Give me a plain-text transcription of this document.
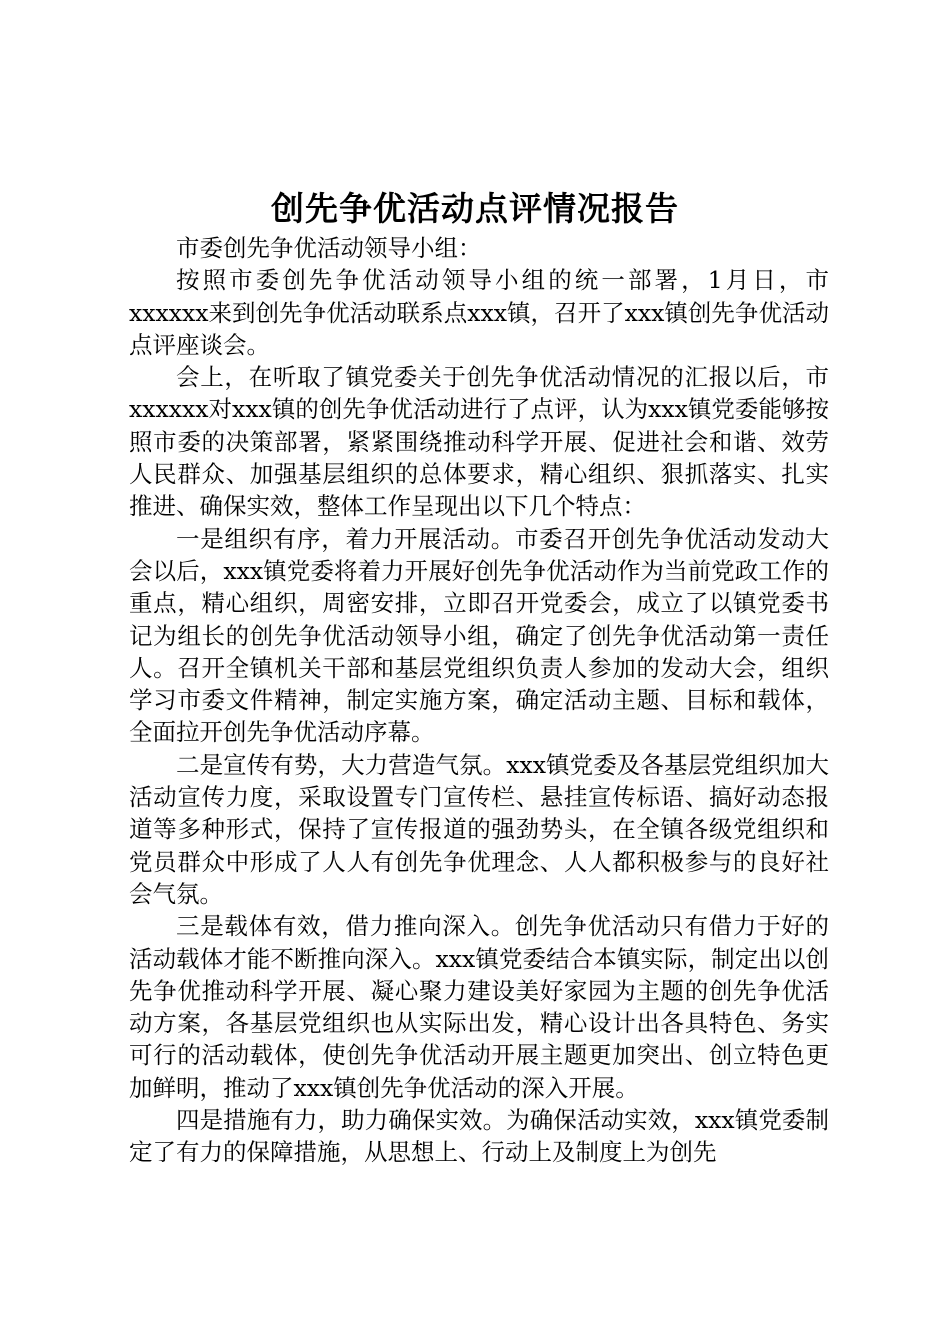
创先争优活动点评情况报告

市委创先争优活动领导小组：

按照市委创先争优活动领导小组的统一部署，1月日，市xxxxxx来到创先争优活动联系点xxx镇，召开了xxx镇创先争优活动点评座谈会。

会上，在听取了镇党委关于创先争优活动情况的汇报以后，市xxxxxx对xxx镇的创先争优活动进行了点评，认为xxx镇党委能够按照市委的决策部署，紧紧围绕推动科学开展、促进社会和谐、效劳人民群众、加强基层组织的总体要求，精心组织、狠抓落实、扎实推进、确保实效，整体工作呈现出以下几个特点：

一是组织有序，着力开展活动。市委召开创先争优活动发动大会以后，xxx镇党委将着力开展好创先争优活动作为当前党政工作的重点，精心组织，周密安排，立即召开党委会，成立了以镇党委书记为组长的创先争优活动领导小组，确定了创先争优活动第一责任人。召开全镇机关干部和基层党组织负责人参加的发动大会，组织学习市委文件精神，制定实施方案，确定活动主题、目标和载体，全面拉开创先争优活动序幕。

二是宣传有势，大力营造气氛。xxx镇党委及各基层党组织加大活动宣传力度，采取设置专门宣传栏、悬挂宣传标语、搞好动态报道等多种形式，保持了宣传报道的强劲势头，在全镇各级党组织和党员群众中形成了人人有创先争优理念、人人都积极参与的良好社会气氛。

三是载体有效，借力推向深入。创先争优活动只有借力于好的活动载体才能不断推向深入。xxx镇党委结合本镇实际，制定出以创先争优推动科学开展、凝心聚力建设美好家园为主题的创先争优活动方案，各基层党组织也从实际出发，精心设计出各具特色、务实可行的活动载体，使创先争优活动开展主题更加突出、创立特色更加鲜明，推动了xxx镇创先争优活动的深入开展。

四是措施有力，助力确保实效。为确保活动实效，xxx镇党委制定了有力的保障措施，从思想上、行动上及制度上为创先
